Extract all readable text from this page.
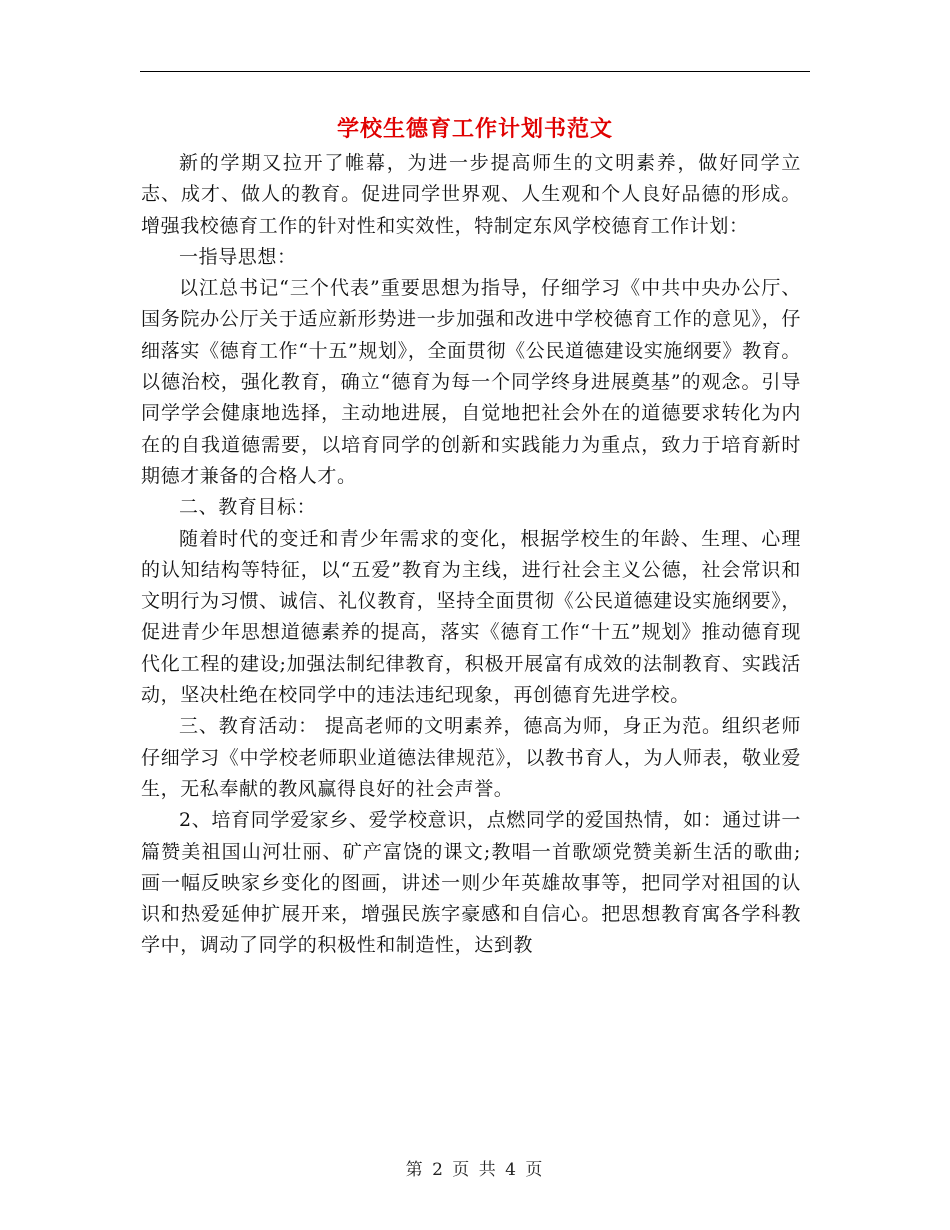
学校生德育工作计划书范文

新的学期又拉开了帷幕，为进一步提高师生的文明素养，做好同学立志、成才、做人的教育。促进同学世界观、人生观和个人良好品德的形成。增强我校德育工作的针对性和实效性，特制定东风学校德育工作计划：

一指导思想：

以江总书记“三个代表”重要思想为指导，仔细学习《中共中央办公厅、国务院办公厅关于适应新形势进一步加强和改进中学校德育工作的意见》，仔细落实《德育工作“十五”规划》，全面贯彻《公民道德建设实施纲要》教育。以德治校，强化教育，确立“德育为每一个同学终身进展奠基”的观念。引导同学学会健康地选择，主动地进展，自觉地把社会外在的道德要求转化为内在的自我道德需要，以培育同学的创新和实践能力为重点，致力于培育新时期德才兼备的合格人才。

二、教育目标：

随着时代的变迁和青少年需求的变化，根据学校生的年龄、生理、心理的认知结构等特征，以“五爱”教育为主线，进行社会主义公德，社会常识和文明行为习惯、诚信、礼仪教育，坚持全面贯彻《公民道德建设实施纲要》，促进青少年思想道德素养的提高，落实《德育工作“十五”规划》推动德育现代化工程的建设;加强法制纪律教育，积极开展富有成效的法制教育、实践活动，坚决杜绝在校同学中的违法违纪现象，再创德育先进学校。

三、教育活动： 提高老师的文明素养，德高为师，身正为范。组织老师仔细学习《中学校老师职业道德法律规范》，以教书育人，为人师表，敬业爱生，无私奉献的教风赢得良好的社会声誉。

2、培育同学爱家乡、爱学校意识，点燃同学的爱国热情，如：通过讲一篇赞美祖国山河壮丽、矿产富饶的课文;教唱一首歌颂党赞美新生活的歌曲;画一幅反映家乡变化的图画，讲述一则少年英雄故事等，把同学对祖国的认识和热爱延伸扩展开来，增强民族字豪感和自信心。把思想教育寓各学科教学中，调动了同学的积极性和制造性，达到教

第 2 页 共 4 页
